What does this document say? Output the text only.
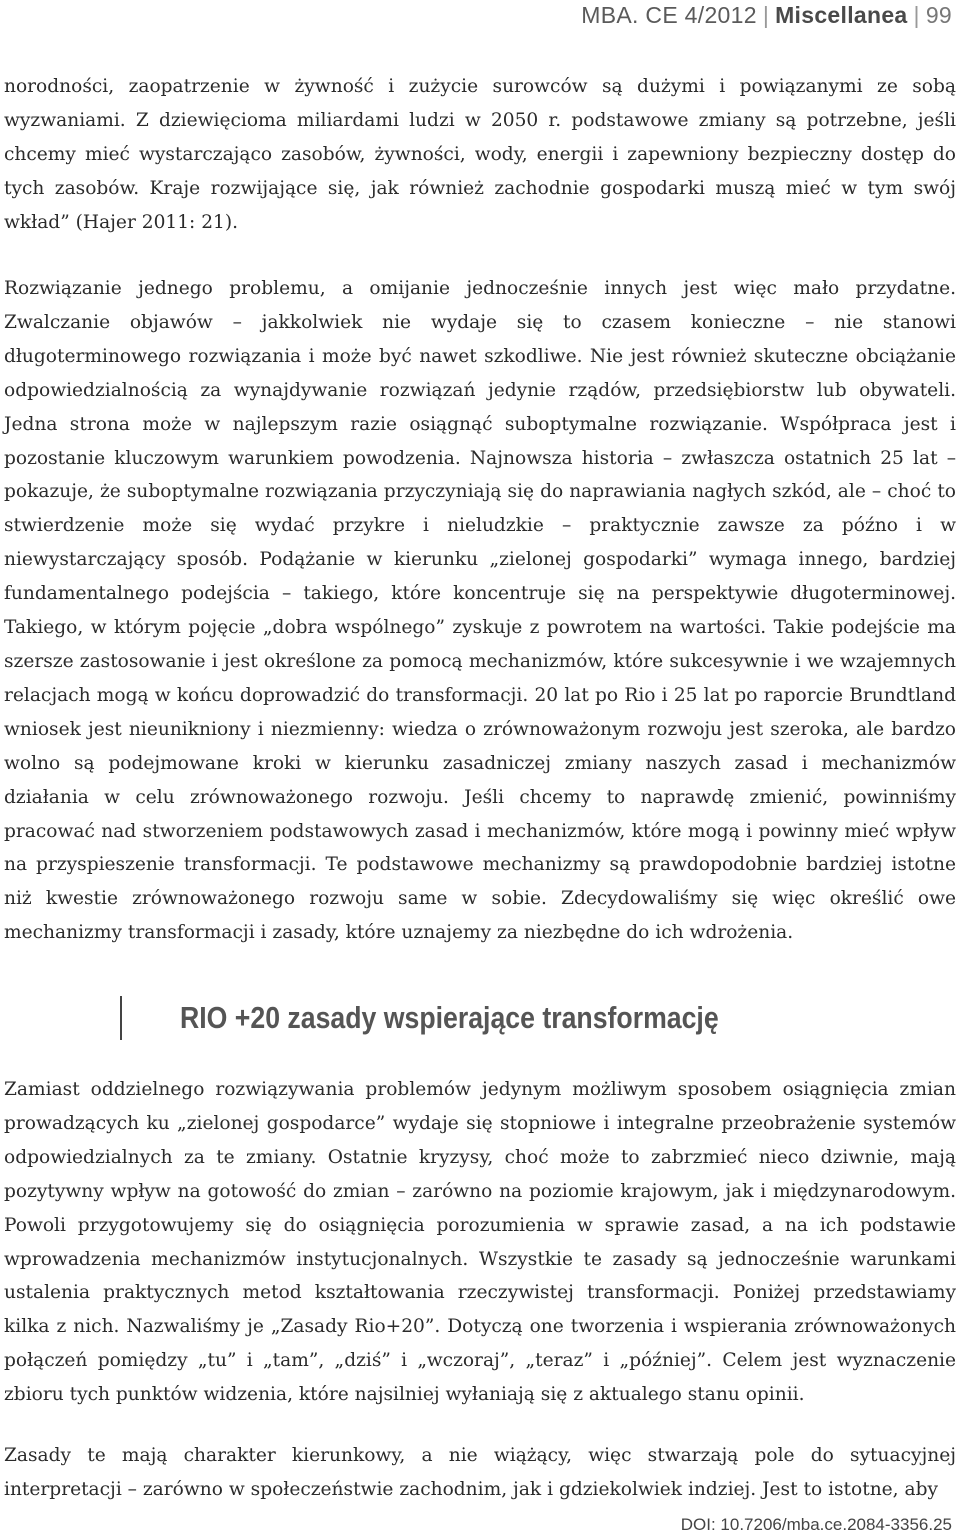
MBA. CE 4/2012 | Miscellanea | 99

norodności, zaopatrzenie w żywność i zużycie surowców są dużymi i powiązanymi ze sobą wyzwaniami. Z dziewięcioma miliardami ludzi w 2050 r. podstawowe zmiany są potrzebne, jeśli chcemy mieć wystarczająco zasobów, żywności, wody, energii i zapewniony bezpieczny dostęp do tych zasobów. Kraje rozwijające się, jak również zachodnie gospodarki muszą mieć w tym swój wkład” (Hajer 2011: 21).

Rozwiązanie jednego problemu, a omijanie jednocześnie innych jest więc mało przydatne. Zwalczanie objawów – jakkolwiek nie wydaje się to czasem konieczne – nie stanowi długoterminowego rozwiązania i może być nawet szkodliwe. Nie jest również skuteczne obciążanie odpowiedzialnością za wynajdywanie rozwiązań jedynie rządów, przedsiębiorstw lub obywateli. Jedna strona może w najlepszym razie osiągnąć suboptymalne rozwiązanie. Współpraca jest i pozostanie kluczowym warunkiem powodzenia. Najnowsza historia – zwłaszcza ostatnich 25 lat – pokazuje, że suboptymalne rozwiązania przyczyniają się do naprawiania nagłych szkód, ale – choć to stwierdzenie może się wydać przykre i nieludzkie – praktycznie zawsze za późno i w niewystarczający sposób. Podążanie w kierunku „zielonej gospodarki” wymaga innego, bardziej fundamentalnego podejścia – takiego, które koncentruje się na perspektywie długoterminowej. Takiego, w którym pojęcie „dobra wspólnego” zyskuje z powrotem na wartości. Takie podejście ma szersze zastosowanie i jest określone za pomocą mechanizmów, które sukcesywnie i we wzajemnych relacjach mogą w końcu doprowadzić do transformacji. 20 lat po Rio i 25 lat po raporcie Brundtland wniosek jest nieunikniony i niezmienny: wiedza o zrównoważonym rozwoju jest szeroka, ale bardzo wolno są podejmowane kroki w kierunku zasadniczej zmiany naszych zasad i mechanizmów działania w celu zrównoważonego rozwoju. Jeśli chcemy to naprawdę zmienić, powinniśmy pracować nad stworzeniem podstawowych zasad i mechanizmów, które mogą i powinny mieć wpływ na przyspieszenie transformacji. Te podstawowe mechanizmy są prawdopodobnie bardziej istotne niż kwestie zrównoważonego rozwoju same w sobie. Zdecydowaliśmy się więc określić owe mechanizmy transformacji i zasady, które uznajemy za niezbędne do ich wdrożenia.

RIO +20 zasady wspierające transformację

Zamiast oddzielnego rozwiązywania problemów jedynym możliwym sposobem osiągnięcia zmian prowadzących ku „zielonej gospodarce” wydaje się stopniowe i integralne przeobrażenie systemów odpowiedzialnych za te zmiany. Ostatnie kryzysy, choć może to zabrzmieć nieco dziwnie, mają pozytywny wpływ na gotowość do zmian – zarówno na poziomie krajowym, jak i międzynarodowym. Powoli przygotowujemy się do osiągnięcia porozumienia w sprawie zasad, a na ich podstawie wprowadzenia mechanizmów instytucjonalnych. Wszystkie te zasady są jednocześnie warunkami ustalenia praktycznych metod kształtowania rzeczywistej transformacji. Poniżej przedstawiamy kilka z nich. Nazwaliśmy je „Zasady Rio+20”. Dotyczą one tworzenia i wspierania zrównoważonych połączeń pomiędzy „tu” i „tam”, „dziś” i „wczoraj”, „teraz” i „później”. Celem jest wyznaczenie zbioru tych punktów widzenia, które najsilniej wyłaniają się z aktualego stanu opinii.

Zasady te mają charakter kierunkowy, a nie wiążący, więc stwarzają pole do sytuacyjnej interpretacji – zarówno w społeczeństwie zachodnim, jak i gdziekolwiek indziej. Jest to istotne, aby

DOI: 10.7206/mba.ce.2084-3356.25
